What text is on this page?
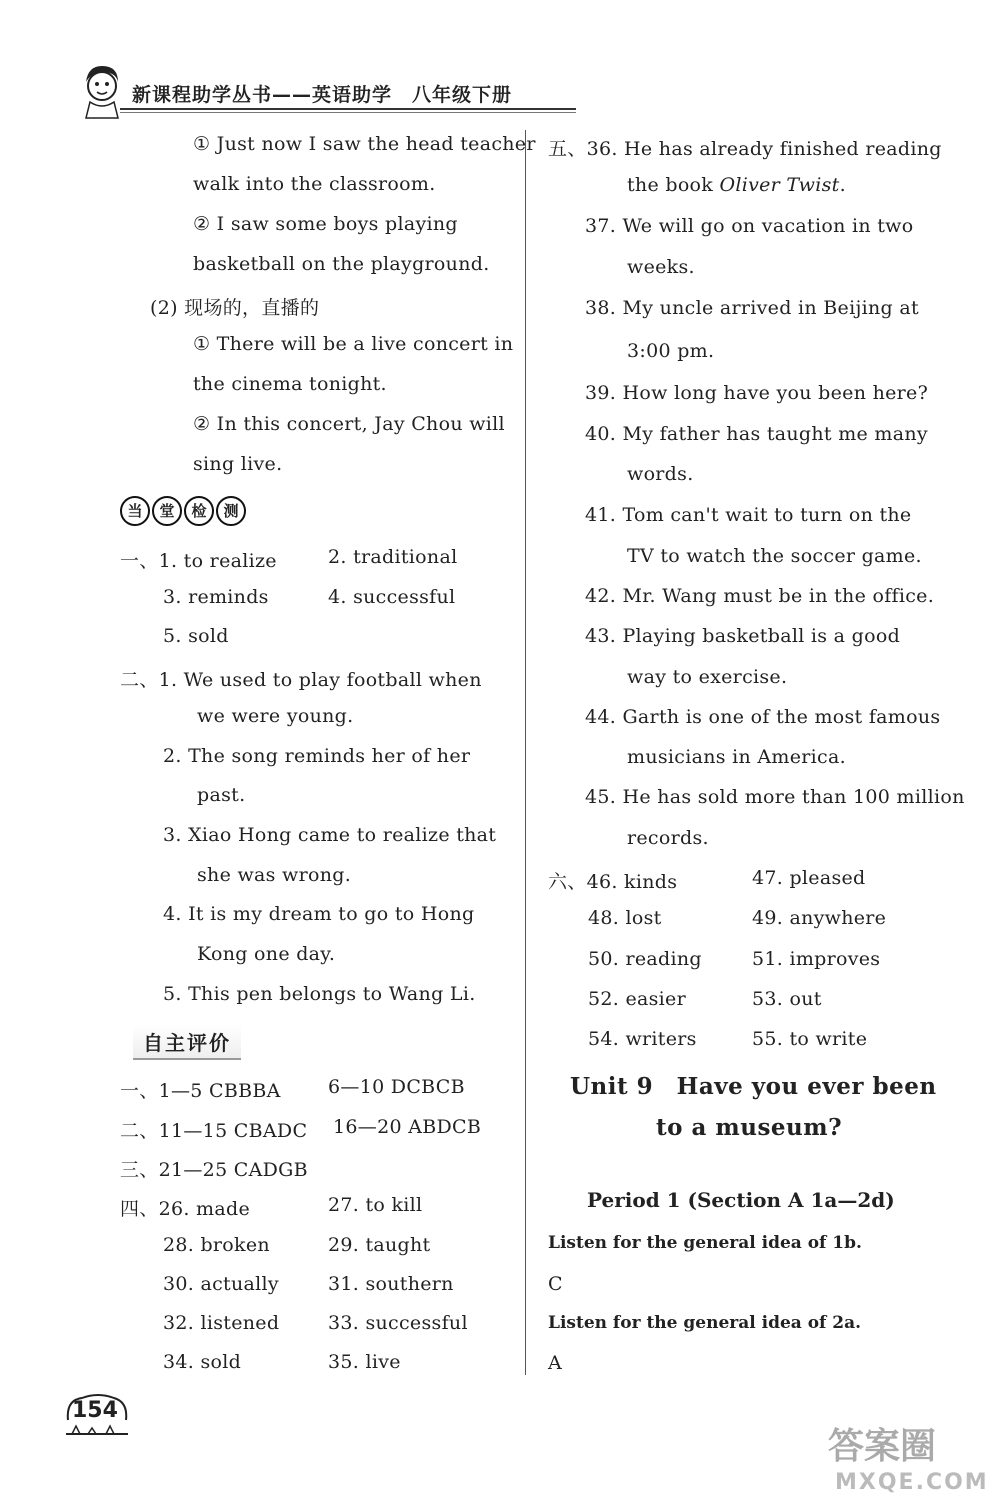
新课程助学丛书——英语助学　八年级下册
① Just now I saw the head teacher
walk into the classroom.
② I saw some boys playing
basketball on the playground.
(2) 现场的，直播的
① There will be a live concert in
the cinema tonight.
② In this concert, Jay Chou will
sing live.
当	堂	检	测
一、1. to realize	2. traditional
3. reminds	4. successful
5. sold
二、1. We used to play football when
we were young.
2. The song reminds her of her
past.
3. Xiao Hong came to realize that
she was wrong.
4. It is my dream to go to Hong
Kong one day.
5. This pen belongs to Wang Li.
自主评价
一、1—5 CBBBA 6—10 DCBCB
二、11—15 CBADC 16—20 ABDCB
三、21—25 CADGB
四、26. made	27. to kill
28. broken	29. taught
30. actually	31. southern
32. listened	33. successful
34. sold	35. live
154
五、36. He has already finished reading
the book Oliver Twist.
37. We will go on vacation in two
weeks.
38. My uncle arrived in Beijing at
3:00 pm.
39. How long have you been here?
40. My father has taught me many
words.
41. Tom can't wait to turn on the
TV to watch the soccer game.
42. Mr. Wang must be in the office.
43. Playing basketball is a good
way to exercise.
44. Garth is one of the most famous
musicians in America.
45. He has sold more than 100 million
records.
六、46. kinds	47. pleased
48. lost	49. anywhere
50. reading	51. improves
52. easier	53. out
54. writers	55. to write
Unit 9　Have you ever been
to a museum?
Period 1 (Section A 1a—2d)
Listen for the general idea of 1b.
C
Listen for the general idea of 2a.
A
答案圈
MXQE.COM
